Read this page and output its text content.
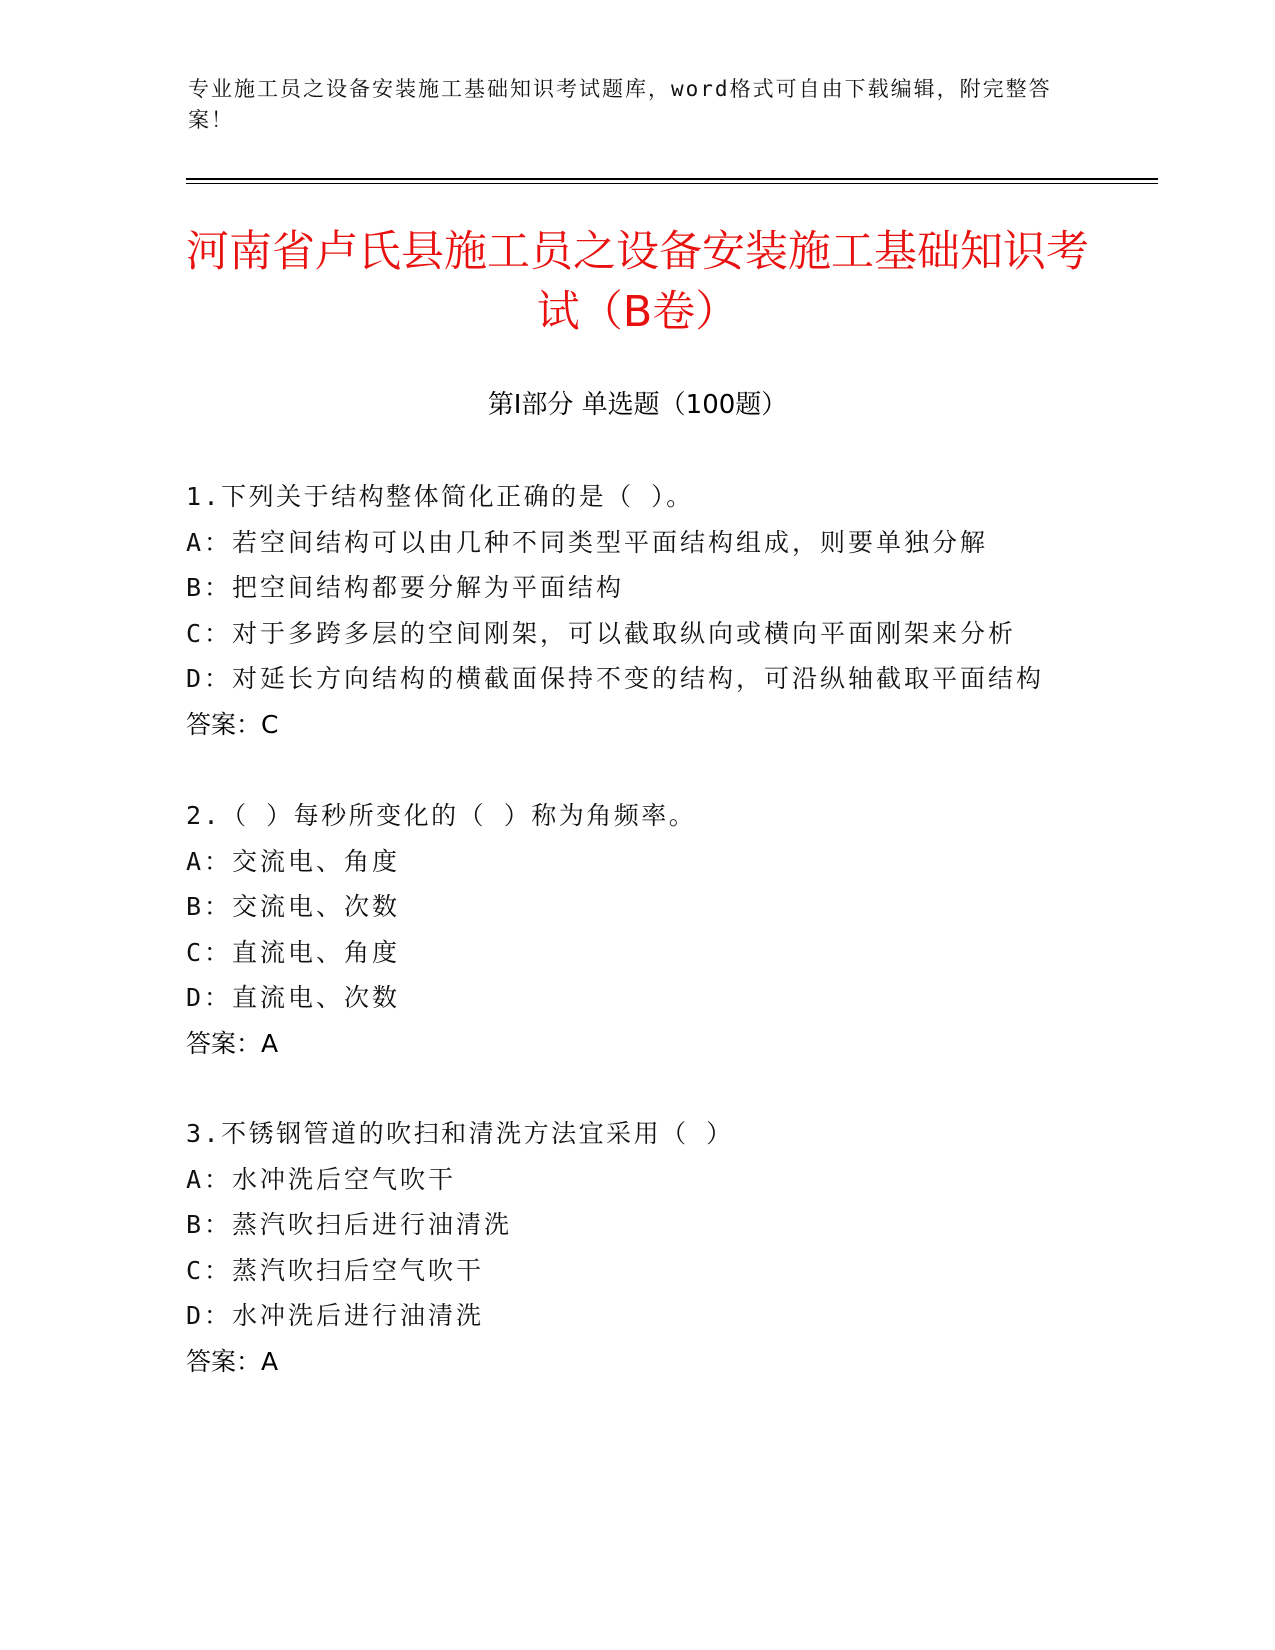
专业施工员之设备安装施工基础知识考试题库，word格式可自由下载编辑，附完整答案！
河南省卢氏县施工员之设备安装施工基础知识考试（B卷）
第Ⅰ部分 单选题（100题）
1.下列关于结构整体简化正确的是（ ）。
A：若空间结构可以由几种不同类型平面结构组成，则要单独分解
B：把空间结构都要分解为平面结构
C：对于多跨多层的空间刚架，可以截取纵向或横向平面刚架来分析
D：对延长方向结构的横截面保持不变的结构，可沿纵轴截取平面结构
答案：C
2.（ ）每秒所变化的（ ）称为角频率。
A：交流电、角度
B：交流电、次数
C：直流电、角度
D：直流电、次数
答案：A
3.不锈钢管道的吹扫和清洗方法宜采用（ ）
A：水冲洗后空气吹干
B：蒸汽吹扫后进行油清洗
C：蒸汽吹扫后空气吹干
D：水冲洗后进行油清洗
答案：A
